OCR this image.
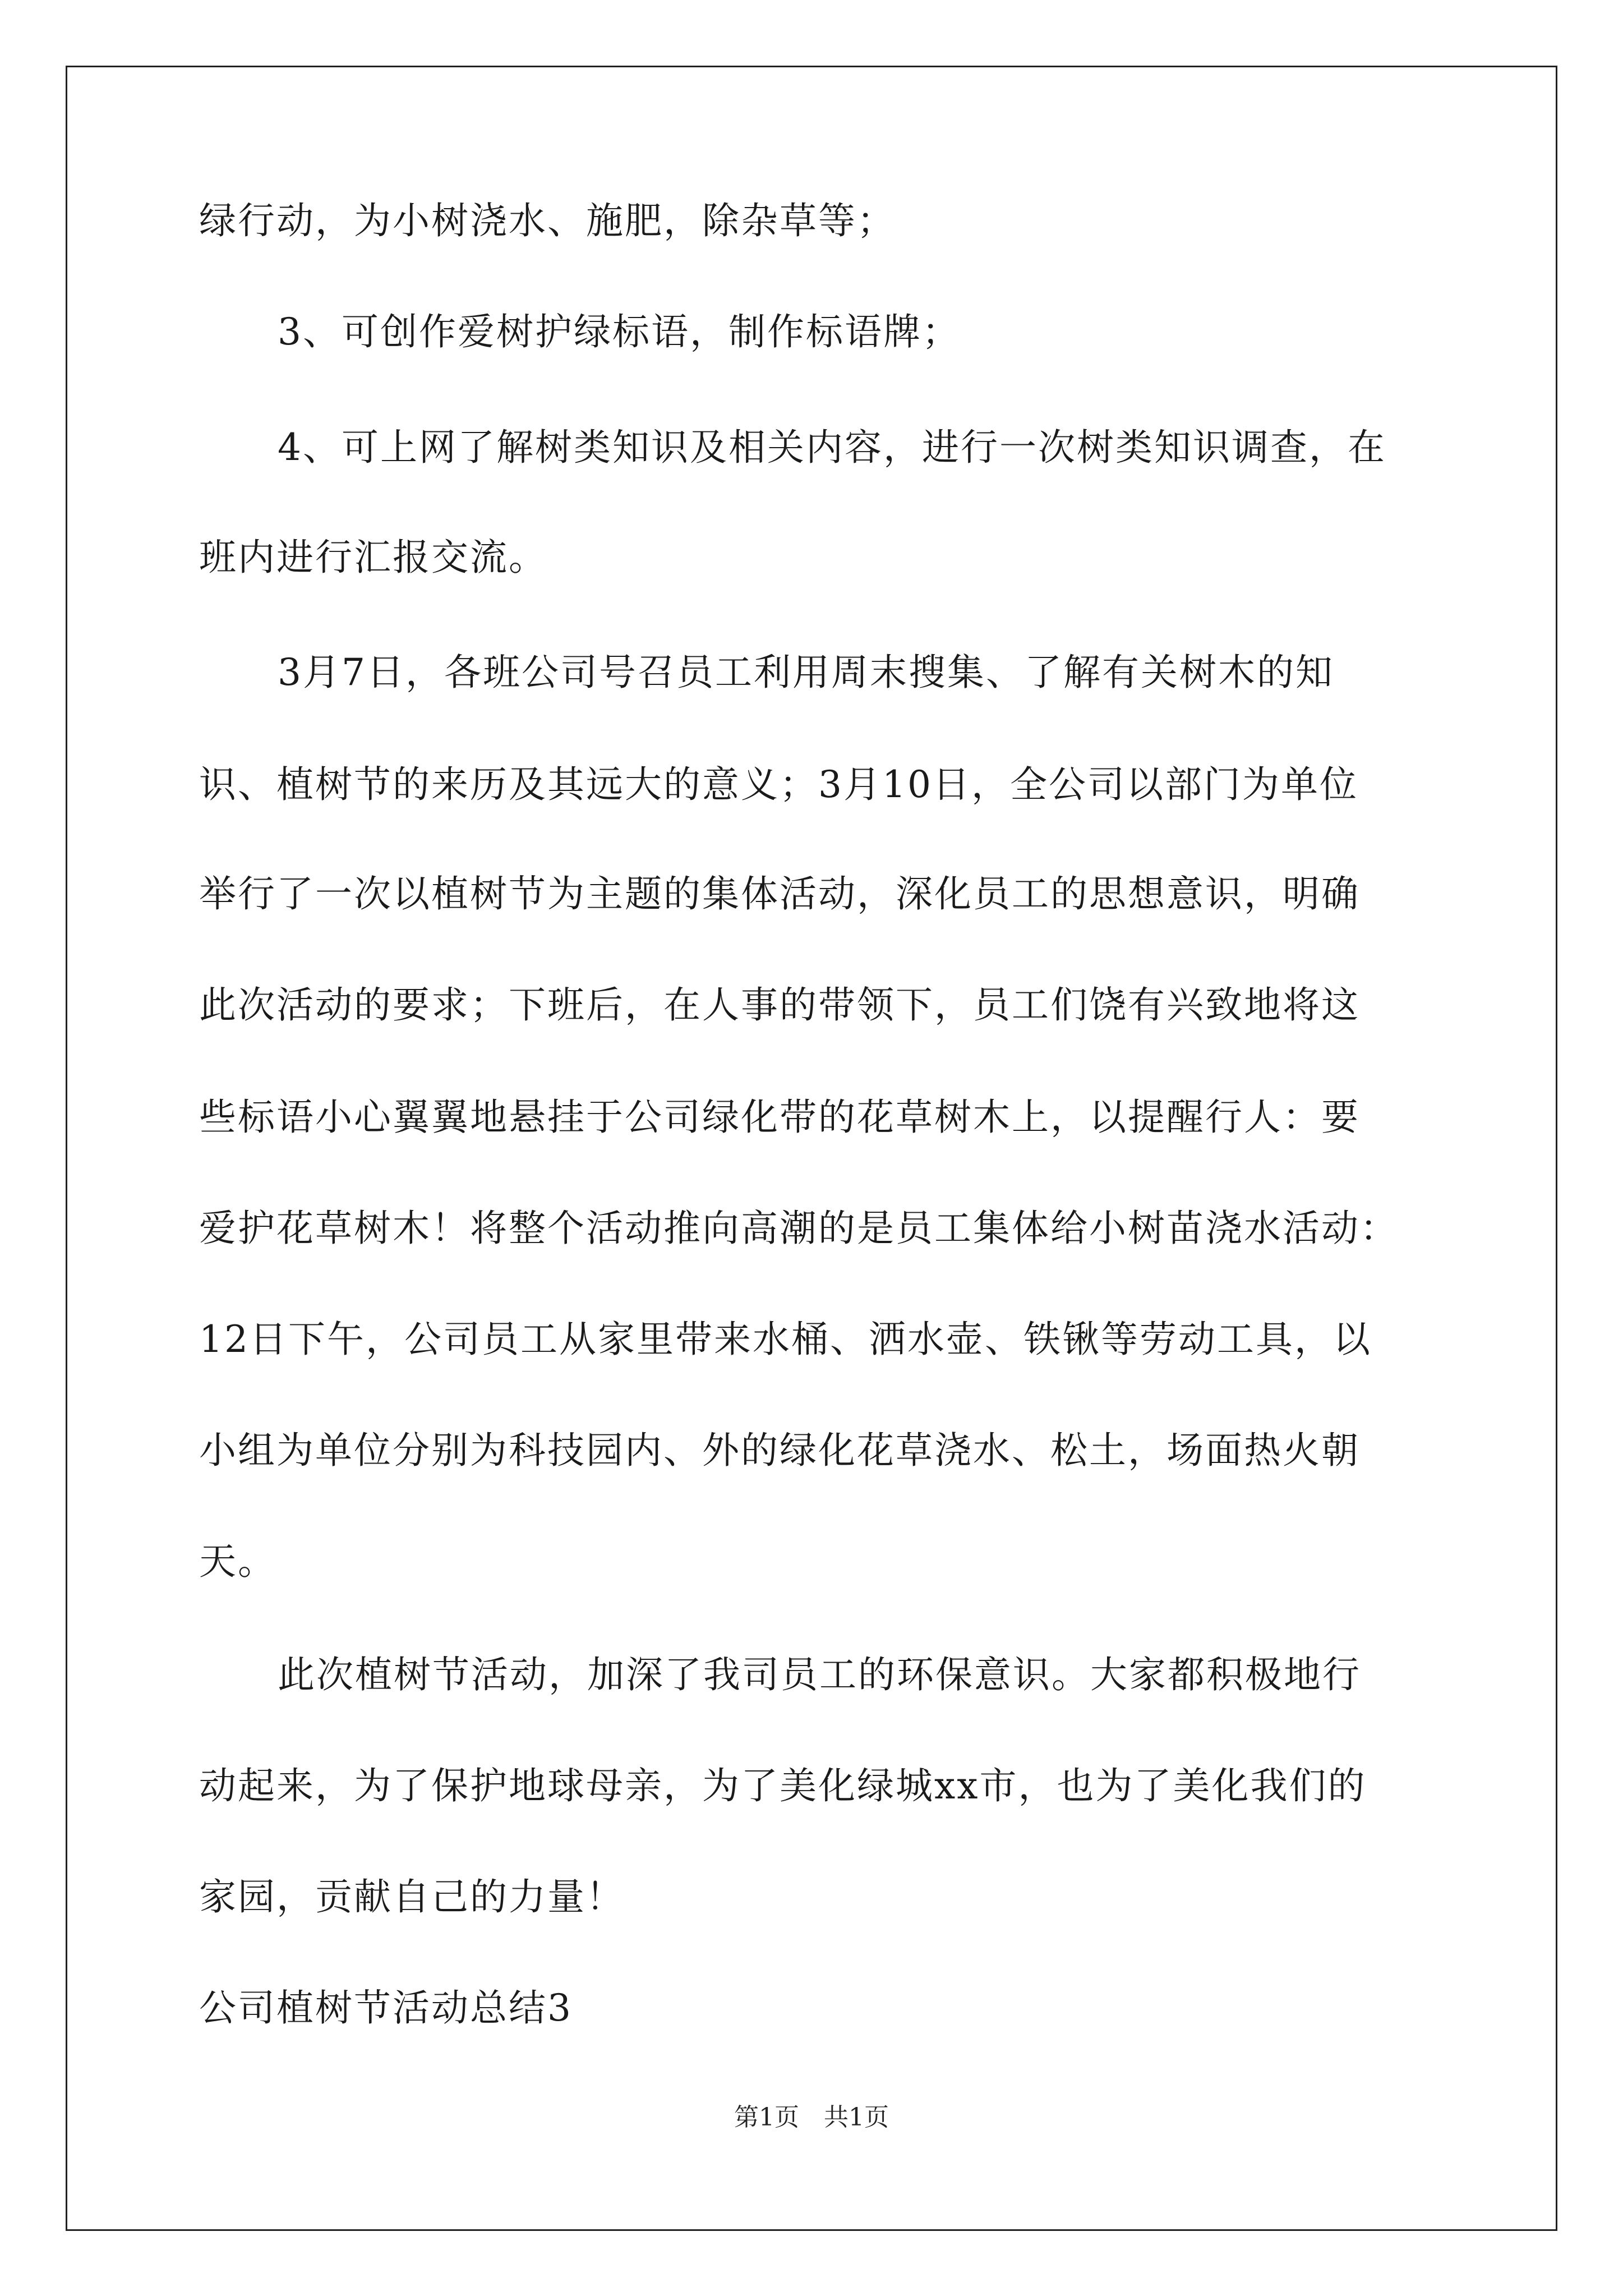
绿行动，为小树浇水、施肥，除杂草等；
3、可创作爱树护绿标语，制作标语牌；
4、可上网了解树类知识及相关内容，进行一次树类知识调查，在
班内进行汇报交流。
3月7日，各班公司号召员工利用周末搜集、了解有关树木的知
识、植树节的来历及其远大的意义；3月10日，全公司以部门为单位
举行了一次以植树节为主题的集体活动，深化员工的思想意识，明确
此次活动的要求；下班后，在人事的带领下，员工们饶有兴致地将这
些标语小心翼翼地悬挂于公司绿化带的花草树木上，以提醒行人：要
爱护花草树木！将整个活动推向高潮的是员工集体给小树苗浇水活动：
12日下午，公司员工从家里带来水桶、洒水壶、铁锹等劳动工具，以
小组为单位分别为科技园内、外的绿化花草浇水、松土，场面热火朝
天。
此次植树节活动，加深了我司员工的环保意识。大家都积极地行
动起来，为了保护地球母亲，为了美化绿城xx市，也为了美化我们的
家园，贡献自己的力量！
公司植树节活动总结3
第1页　共1页
